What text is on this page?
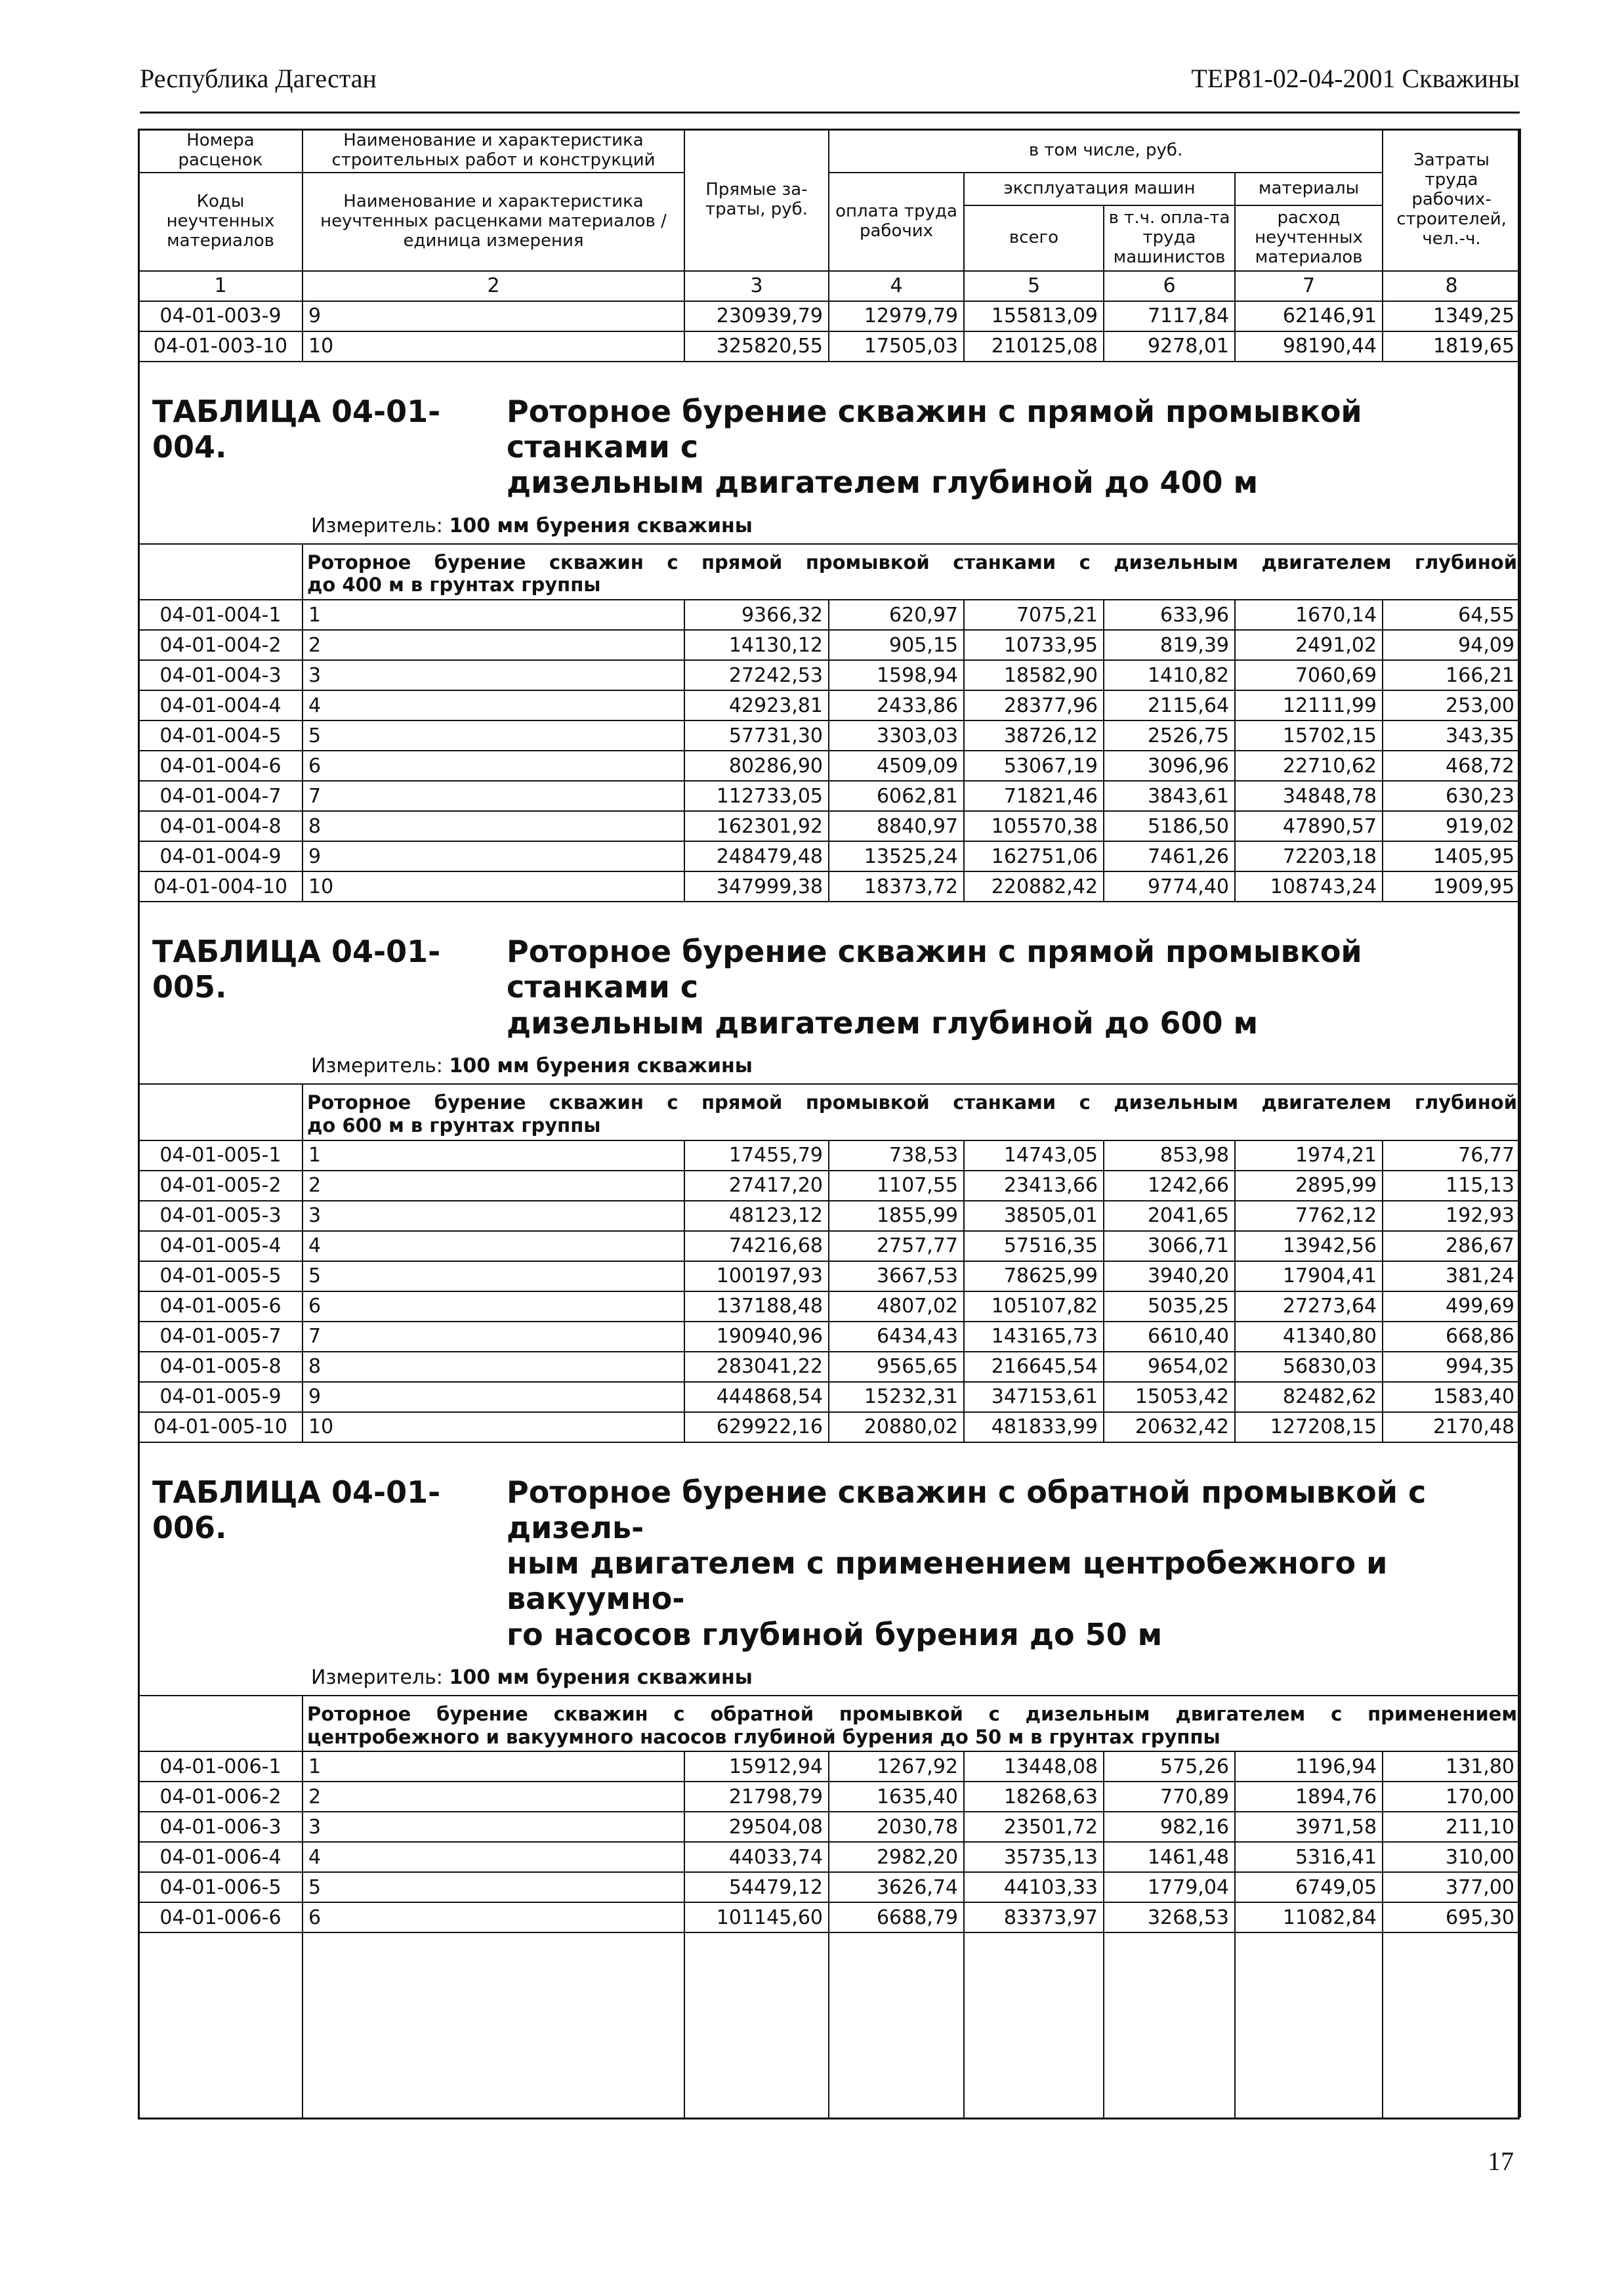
Республика Дагестан	ТЕР81-02-04-2001 Скважины
Номера расценок	Наименование и характеристика строительных работ и конструкций	Прямые за-траты, руб.	в том числе, руб.				Затраты труда рабочих-строителей, чел.-ч.
Коды неучтенных материалов	Наименование и характеристика неучтенных расценками материалов / единица измерения		оплата труда рабочих	эксплуатация машин		материалы	
				всего	в т.ч. опла-та труда машинистов	расход неучтенных материалов	
1	2	3	4	5	6	7	8
04-01-003-9	9	230939,79	12979,79	155813,09	7117,84	62146,91	1349,25
04-01-003-10	10	325820,55	17505,03	210125,08	9278,01	98190,44	1819,65

ТАБЛИЦА 04-01-004.
Роторное бурение скважин с прямой промывкой станками с
дизельным двигателем глубиной до 400 м
Измеритель: 100 мм бурения скважины							

	Роторное бурение скважин с прямой промывкой станками с дизельным двигателем глубиной
до 400 м в грунтах группы						

04-01-004-1	1	9366,32	620,97	7075,21	633,96	1670,14	64,55
04-01-004-2	2	14130,12	905,15	10733,95	819,39	2491,02	94,09
04-01-004-3	3	27242,53	1598,94	18582,90	1410,82	7060,69	166,21
04-01-004-4	4	42923,81	2433,86	28377,96	2115,64	12111,99	253,00
04-01-004-5	5	57731,30	3303,03	38726,12	2526,75	15702,15	343,35
04-01-004-6	6	80286,90	4509,09	53067,19	3096,96	22710,62	468,72
04-01-004-7	7	112733,05	6062,81	71821,46	3843,61	34848,78	630,23
04-01-004-8	8	162301,92	8840,97	105570,38	5186,50	47890,57	919,02
04-01-004-9	9	248479,48	13525,24	162751,06	7461,26	72203,18	1405,95
04-01-004-10	10	347999,38	18373,72	220882,42	9774,40	108743,24	1909,95

ТАБЛИЦА 04-01-005.
Роторное бурение скважин с прямой промывкой станками с
дизельным двигателем глубиной до 600 м
Измеритель: 100 мм бурения скважины							

	Роторное бурение скважин с прямой промывкой станками с дизельным двигателем глубиной
до 600 м в грунтах группы						

04-01-005-1	1	17455,79	738,53	14743,05	853,98	1974,21	76,77
04-01-005-2	2	27417,20	1107,55	23413,66	1242,66	2895,99	115,13
04-01-005-3	3	48123,12	1855,99	38505,01	2041,65	7762,12	192,93
04-01-005-4	4	74216,68	2757,77	57516,35	3066,71	13942,56	286,67
04-01-005-5	5	100197,93	3667,53	78625,99	3940,20	17904,41	381,24
04-01-005-6	6	137188,48	4807,02	105107,82	5035,25	27273,64	499,69
04-01-005-7	7	190940,96	6434,43	143165,73	6610,40	41340,80	668,86
04-01-005-8	8	283041,22	9565,65	216645,54	9654,02	56830,03	994,35
04-01-005-9	9	444868,54	15232,31	347153,61	15053,42	82482,62	1583,40
04-01-005-10	10	629922,16	20880,02	481833,99	20632,42	127208,15	2170,48

ТАБЛИЦА 04-01-006.
Роторное бурение скважин с обратной промывкой с дизель-
ным двигателем с применением центробежного и вакуумно-
го насосов глубиной бурения до 50 м
Измеритель: 100 мм бурения скважины							

	Роторное бурение скважин с обратной промывкой с дизельным двигателем с применением
центробежного и вакуумного насосов глубиной бурения до 50 м в грунтах группы						

04-01-006-1	1	15912,94	1267,92	13448,08	575,26	1196,94	131,80
04-01-006-2	2	21798,79	1635,40	18268,63	770,89	1894,76	170,00
04-01-006-3	3	29504,08	2030,78	23501,72	982,16	3971,58	211,10
04-01-006-4	4	44033,74	2982,20	35735,13	1461,48	5316,41	310,00
04-01-006-5	5	54479,12	3626,74	44103,33	1779,04	6749,05	377,00
04-01-006-6	6	101145,60	6688,79	83373,97	3268,53	11082,84	695,30

17
